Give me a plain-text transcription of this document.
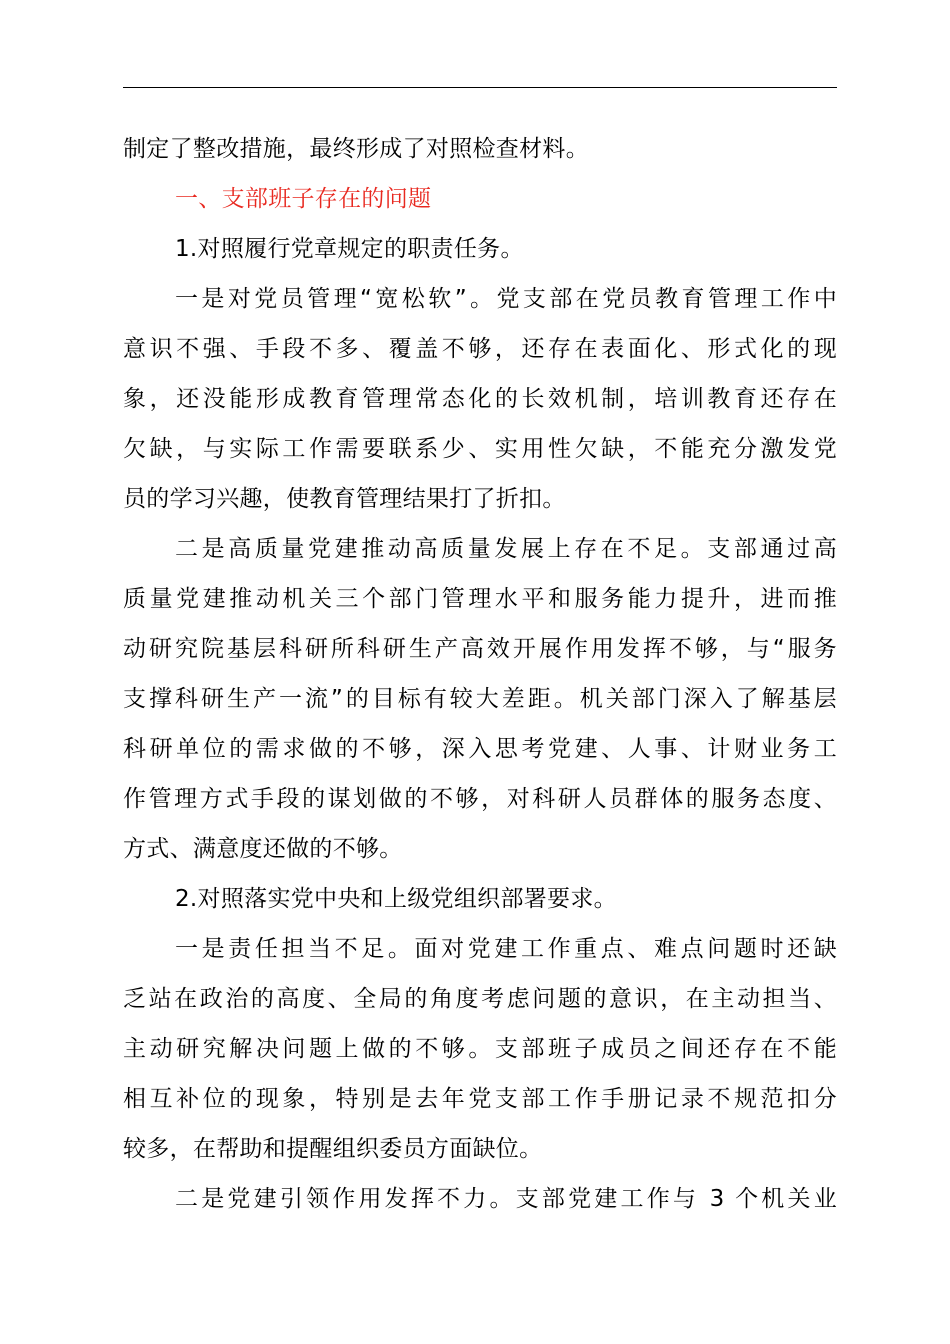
制定了整改措施，最终形成了对照检查材料。
一、支部班子存在的问题
1.对照履行党章规定的职责任务。
一是对党员管理“宽松软”。党支部在党员教育管理工作中
意识不强、手段不多、覆盖不够，还存在表面化、形式化的现
象，还没能形成教育管理常态化的长效机制，培训教育还存在
欠缺，与实际工作需要联系少、实用性欠缺，不能充分激发党
员的学习兴趣，使教育管理结果打了折扣。
二是高质量党建推动高质量发展上存在不足。支部通过高
质量党建推动机关三个部门管理水平和服务能力提升，进而推
动研究院基层科研所科研生产高效开展作用发挥不够，与“服务
支撑科研生产一流”的目标有较大差距。机关部门深入了解基层
科研单位的需求做的不够，深入思考党建、人事、计财业务工
作管理方式手段的谋划做的不够，对科研人员群体的服务态度、
方式、满意度还做的不够。
2.对照落实党中央和上级党组织部署要求。
一是责任担当不足。面对党建工作重点、难点问题时还缺
乏站在政治的高度、全局的角度考虑问题的意识，在主动担当、
主动研究解决问题上做的不够。支部班子成员之间还存在不能
相互补位的现象，特别是去年党支部工作手册记录不规范扣分
较多，在帮助和提醒组织委员方面缺位。
二是党建引领作用发挥不力。支部党建工作与 3 个机关业
